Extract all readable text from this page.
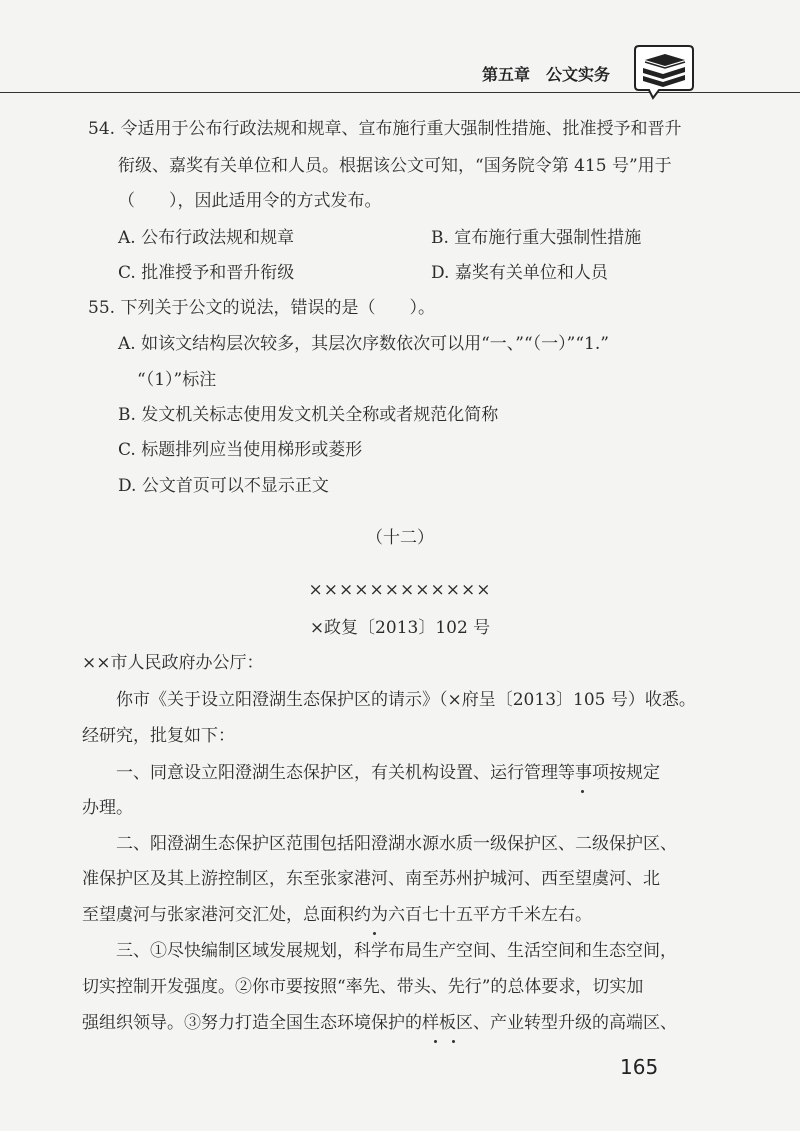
第五章　公文实务
54. 令适用于公布行政法规和规章、宣布施行重大强制性措施、批准授予和晋升
衔级、嘉奖有关单位和人员。根据该公文可知，“国务院令第 415 号”用于
（　　），因此适用令的方式发布。
A. 公布行政法规和规章	B. 宣布施行重大强制性措施
C. 批准授予和晋升衔级	D. 嘉奖有关单位和人员
55. 下列关于公文的说法，错误的是（　　）。
A. 如该文结构层次较多，其层次序数依次可以用“一、”“（一）”“1.”
“（1）”标注
B. 发文机关标志使用发文机关全称或者规范化简称
C. 标题排列应当使用梯形或菱形
D. 公文首页可以不显示正文
（十二）
××××××××××××
×政复〔2013〕102 号
××市人民政府办公厅：
你市《关于设立阳澄湖生态保护区的请示》（×府呈〔2013〕105 号）收悉。
经研究，批复如下：
一、同意设立阳澄湖生态保护区，有关机构设置、运行管理等事项按规定
办理。
二、阳澄湖生态保护区范围包括阳澄湖水源水质一级保护区、二级保护区、
准保护区及其上游控制区，东至张家港河、南至苏州护城河、西至望虞河、北
至望虞河与张家港河交汇处，总面积约为六百七十五平方千米左右。
三、①尽快编制区域发展规划，科学布局生产空间、生活空间和生态空间，
切实控制开发强度。②你市要按照“率先、带头、先行”的总体要求，切实加
强组织领导。③努力打造全国生态环境保护的样板区、产业转型升级的高端区、
165
